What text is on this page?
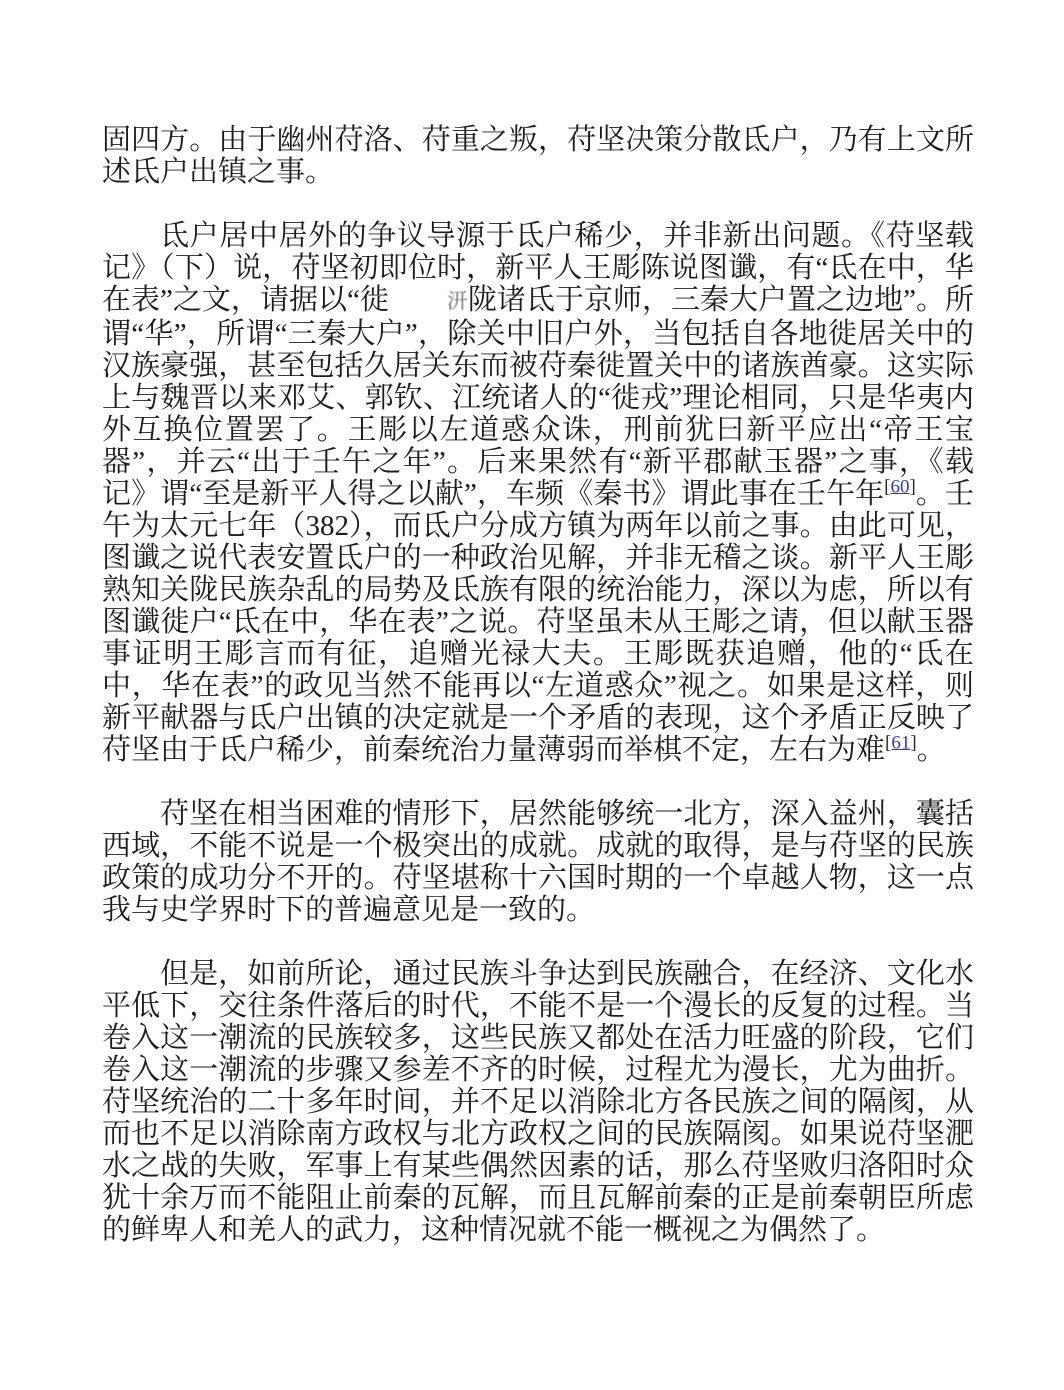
固四方。由于幽州苻洛、苻重之叛，苻坚决策分散氐户，乃有上文所述氐户出镇之事。

氐户居中居外的争议导源于氐户稀少，并非新出问题。《苻坚载记》（下）说，苻坚初即位时，新平人王彫陈说图谶，有“氐在中，华在表”之文，请据以“徙	汧陇诸氐于京师，三秦大户置之边地”。所谓“华”，所谓“三秦大户”，除关中旧户外，当包括自各地徙居关中的汉族豪强，甚至包括久居关东而被苻秦徙置关中的诸族酋豪。这实际上与魏晋以来邓艾、郭钦、江统诸人的“徙戎”理论相同，只是华夷内外互换位置罢了。王彫以左道惑众诛，刑前犹曰新平应出“帝王宝器”，并云“出于壬午之年”。后来果然有“新平郡献玉器”之事，《载记》谓“至是新平人得之以献”，车频《秦书》谓此事在壬午年[60]。壬午为太元七年（382），而氐户分成方镇为两年以前之事。由此可见，图谶之说代表安置氐户的一种政治见解，并非无稽之谈。新平人王彫熟知关陇民族杂乱的局势及氐族有限的统治能力，深以为虑，所以有图谶徙户“氐在中，华在表”之说。苻坚虽未从王彫之请，但以献玉器事证明王彫言而有征，追赠光禄大夫。王彫既获追赠，他的“氐在中，华在表”的政见当然不能再以“左道惑众”视之。如果是这样，则新平献器与氐户出镇的决定就是一个矛盾的表现，这个矛盾正反映了苻坚由于氐户稀少，前秦统治力量薄弱而举棋不定，左右为难[61]。

苻坚在相当困难的情形下，居然能够统一北方，深入益州，囊括西域，不能不说是一个极突出的成就。成就的取得，是与苻坚的民族政策的成功分不开的。苻坚堪称十六国时期的一个卓越人物，这一点我与史学界时下的普遍意见是一致的。

但是，如前所论，通过民族斗争达到民族融合，在经济、文化水平低下，交往条件落后的时代，不能不是一个漫长的反复的过程。当卷入这一潮流的民族较多，这些民族又都处在活力旺盛的阶段，它们卷入这一潮流的步骤又参差不齐的时候，过程尤为漫长，尤为曲折。苻坚统治的二十多年时间，并不足以消除北方各民族之间的隔阂，从而也不足以消除南方政权与北方政权之间的民族隔阂。如果说苻坚淝水之战的失败，军事上有某些偶然因素的话，那么苻坚败归洛阳时众犹十余万而不能阻止前秦的瓦解，而且瓦解前秦的正是前秦朝臣所虑的鲜卑人和羌人的武力，这种情况就不能一概视之为偶然了。
